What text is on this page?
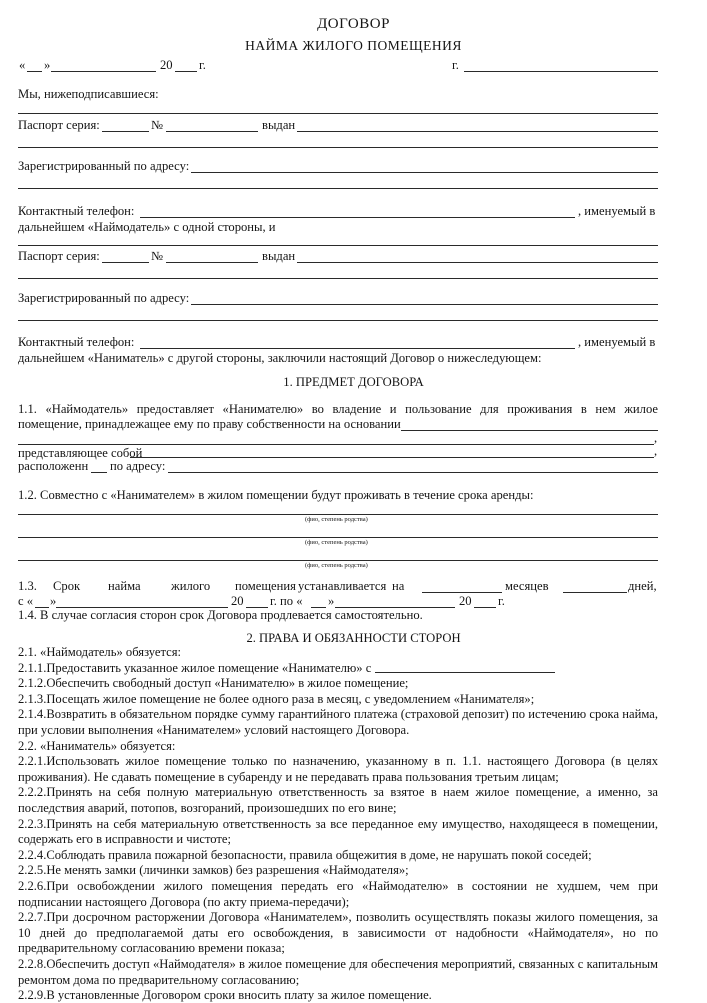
ДОГОВОР
НАЙМА ЖИЛОГО ПОМЕЩЕНИЯ
« »	20 г.	г.
Мы, нижеподписавшиеся:
Паспорт серия:	№	выдан
Зарегистрированный по адресу:
Контактный телефон:	, именуемый в
дальнейшем «Наймодатель» с одной стороны, и
Паспорт серия:	№	выдан
Зарегистрированный по адресу:
Контактный телефон:	, именуемый в
дальнейшем «Наниматель» с другой стороны, заключили настоящий Договор о нижеследующем:
1. ПРЕДМЕТ ДОГОВОРА
1.1. «Наймодатель» предоставляет «Нанимателю» во владение и пользование для проживания в нем жилое
помещение, принадлежащее ему по праву собственности на основании
,
представляющее собой	,
расположенн по адресу:
1.2. Совместно с «Нанимателем» в жилом помещении будут проживать в течение срока аренды:
(фио, степень родства)
(фио, степень родства)
(фио, степень родства)
1.3. Срок найма жилого помещения устанавливается на	месяцев	дней,
с « »	20 г. по « »	20 г.
1.4. В случае согласия сторон срок Договора продлевается самостоятельно.
2. ПРАВА И ОБЯЗАННОСТИ СТОРОН
2.1. «Наймодатель» обязуется:
2.1.1.Предоставить указанное жилое помещение «Нанимателю» с
2.1.2.Обеспечить свободный доступ «Нанимателю» в жилое помещение;
2.1.3.Посещать жилое помещение не более одного раза в месяц, с уведомлением «Нанимателя»;
2.1.4.Возвратить в обязательном порядке сумму гарантийного платежа (страховой депозит) по истечению срока найма,
при условии выполнения «Нанимателем» условий настоящего Договора.
2.2. «Наниматель» обязуется:
2.2.1.Использовать жилое помещение только по назначению, указанному в п. 1.1. настоящего Договора (в целях
проживания). Не сдавать помещение в субаренду и не передавать права пользования третьим лицам;
2.2.2.Принять на себя полную материальную ответственность за взятое в наем жилое помещение, а именно, за
последствия аварий, потопов, возгораний, произошедших по его вине;
2.2.3.Принять на себя материальную ответственность за все переданное ему имущество, находящееся в помещении,
содержать его в исправности и чистоте;
2.2.4.Соблюдать правила пожарной безопасности, правила общежития в доме, не нарушать покой соседей;
2.2.5.Не менять замки (личинки замков) без разрешения «Наймодателя»;
2.2.6.При освобождении жилого помещения передать его «Наймодателю» в состоянии не худшем, чем при
подписании настоящего Договора (по акту приема-передачи);
2.2.7.При досрочном расторжении Договора «Нанимателем», позволить осуществлять показы жилого помещения, за
10 дней до предполагаемой даты его освобождения, в зависимости от надобности «Наймодателя», но по
предварительному согласованию времени показа;
2.2.8.Обеспечить доступ «Наймодателя» в жилое помещение для обеспечения мероприятий, связанных с капитальным
ремонтом дома по предварительному согласованию;
2.2.9.В установленные Договором сроки вносить плату за жилое помещение.
